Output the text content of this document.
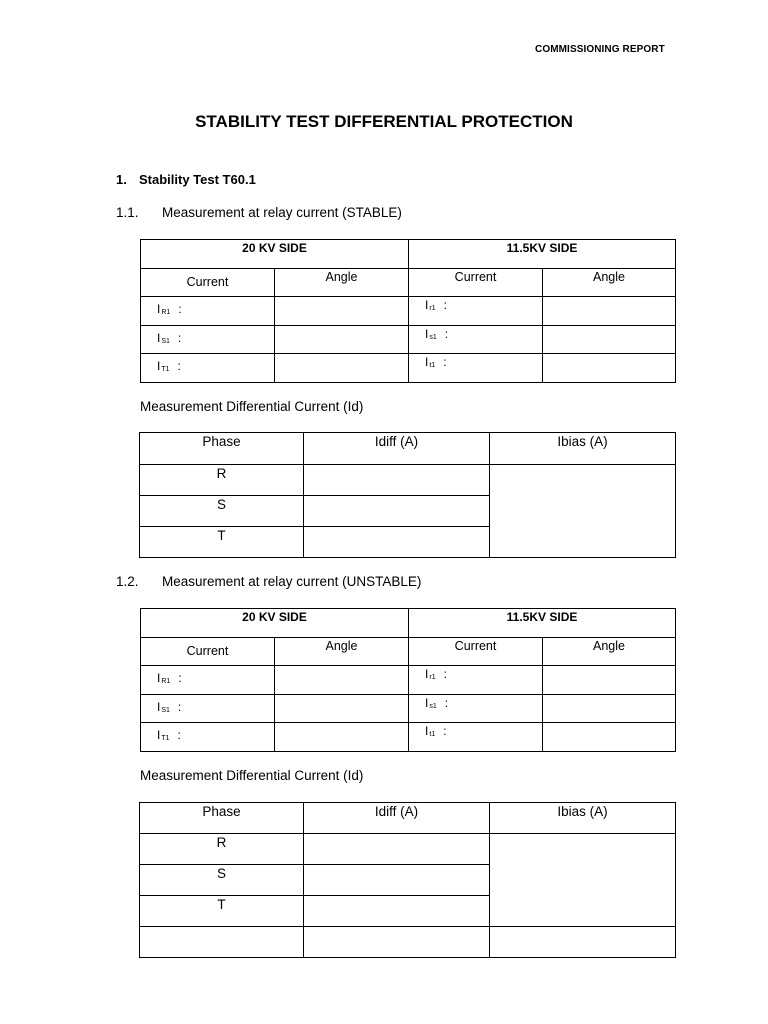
COMMISSIONING REPORT
STABILITY TEST DIFFERENTIAL PROTECTION
1. Stability Test T60.1
1.1. Measurement at relay current (STABLE)
20 KV SIDE		11.5KV SIDE	
Current	Angle	Current	Angle
IR1 :		Ir1 :	
IS1 :		Is1 :	
IT1 :		It1 :	
Measurement Differential Current (Id)
Phase	Idiff (A)	Ibias (A)
R		
S		
T		
1.2. Measurement at relay current (UNSTABLE)
20 KV SIDE		11.5KV SIDE	
Current	Angle	Current	Angle
IR1 :		Ir1 :	
IS1 :		Is1 :	
IT1 :		It1 :	
Measurement Differential Current (Id)
Phase	Idiff (A)	Ibias (A)
R		
S		
T		
